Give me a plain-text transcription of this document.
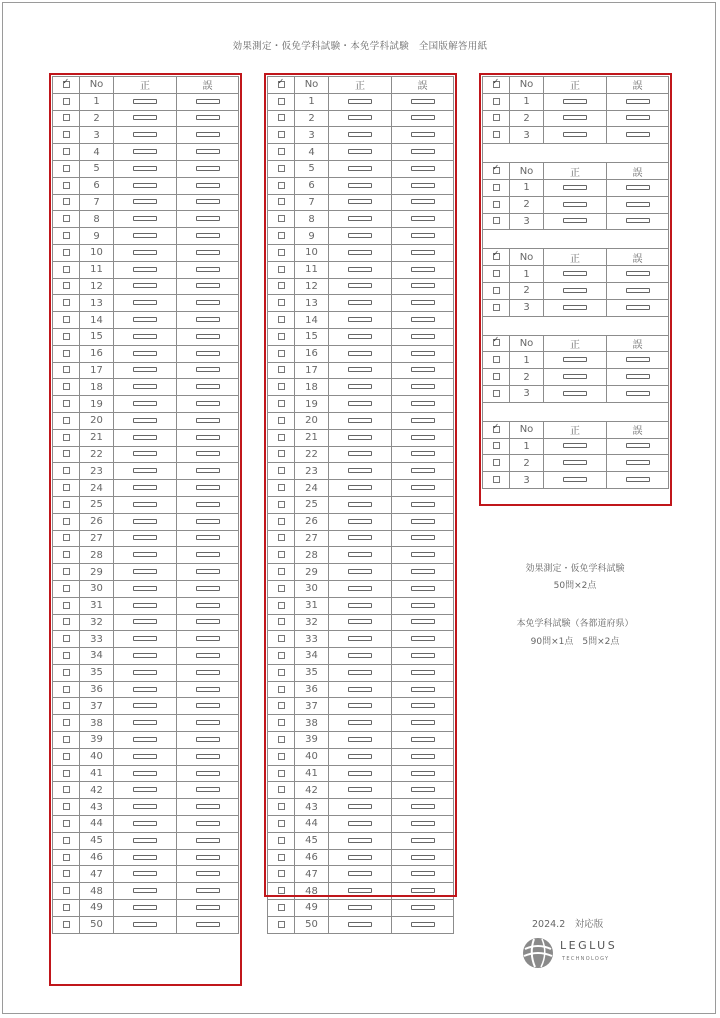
効果測定・仮免学科試験・本免学科試験　全国版解答用紙
✓	No	正	誤
	1		
	2		
	3		
	4		
	5		
	6		
	7		
	8		
	9		
	10		
	11		
	12		
	13		
	14		
	15		
	16		
	17		
	18		
	19		
	20		
	21		
	22		
	23		
	24		
	25		
	26		
	27		
	28		
	29		
	30		
	31		
	32		
	33		
	34		
	35		
	36		
	37		
	38		
	39		
	40		
	41		
	42		
	43		
	44		
	45		
	46		
	47		
	48		
	49		
	50		
✓	No	正	誤
	1		
	2		
	3		
	4		
	5		
	6		
	7		
	8		
	9		
	10		
	11		
	12		
	13		
	14		
	15		
	16		
	17		
	18		
	19		
	20		
	21		
	22		
	23		
	24		
	25		
	26		
	27		
	28		
	29		
	30		
	31		
	32		
	33		
	34		
	35		
	36		
	37		
	38		
	39		
	40		
	41		
	42		
	43		
	44		
	45		
	46		
	47		
	48		
	49		
	50		
✓	No	正	誤
	1		
	2		
	3		

✓	No	正	誤
	1		
	2		
	3		

✓	No	正	誤
	1		
	2		
	3		

✓	No	正	誤
	1		
	2		
	3		

✓	No	正	誤
	1		
	2		
	3		
効果測定・仮免学科試験
50問×2点
本免学科試験（各都道府県）
90問×1点　5問×2点
2024.2　対応版
LEGLUS
TECHNOLOGY
